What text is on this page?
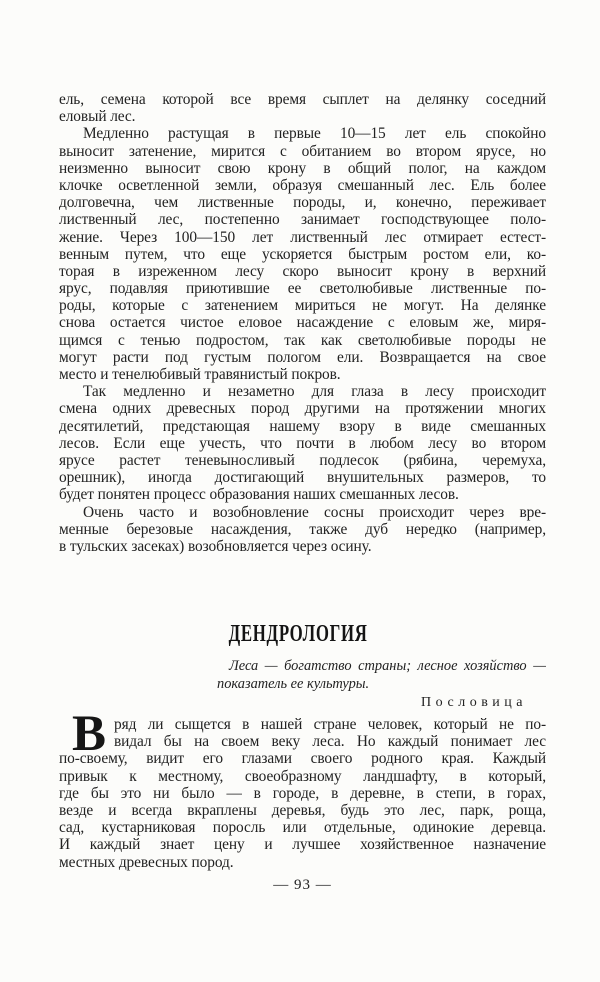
ель, семена которой все время сыплет на делянку соседний
еловый лес.
Медленно растущая в первые 10—15 лет ель спокойно
выносит затенение, мирится с обитанием во втором ярусе, но
неизменно выносит свою крону в общий полог, на каждом
клочке осветленной земли, образуя смешанный лес. Ель более
долговечна, чем лиственные породы, и, конечно, переживает
лиственный лес, постепенно занимает господствующее поло-
жение. Через 100—150 лет лиственный лес отмирает естест-
венным путем, что еще ускоряется быстрым ростом ели, ко-
торая в изреженном лесу скоро выносит крону в верхний
ярус, подавляя приютившие ее светолюбивые лиственные по-
роды, которые с затенением мириться не могут. На делянке
снова остается чистое еловое насаждение с еловым же, миря-
щимся с тенью подростом, так как светолюбивые породы не
могут расти под густым пологом ели. Возвращается на свое
место и тенелюбивый травянистый покров.
Так медленно и незаметно для глаза в лесу происходит
смена одних древесных пород другими на протяжении многих
десятилетий, предстающая нашему взору в виде смешанных
лесов. Если еще учесть, что почти в любом лесу во втором
ярусе растет теневыносливый подлесок (рябина, черемуха,
орешник), иногда достигающий внушительных размеров, то
будет понятен процесс образования наших смешанных лесов.
Очень часто и возобновление сосны происходит через вре-
менные березовые насаждения, также дуб нередко (например,
в тульских засеках) возобновляется через осину.
ДЕНДРОЛОГИЯ
Леса — богатство страны; лесное хозяйство —
показатель ее культуры.
Пословица
В ряд ли сыщется в нашей стране человек, который не по-
видал бы на своем веку леса. Но каждый понимает лес
по-своему, видит его глазами своего родного края. Каждый
привык к местному, своеобразному ландшафту, в который,
где бы это ни было — в городе, в деревне, в степи, в горах,
везде и всегда вкраплены деревья, будь это лес, парк, роща,
сад, кустарниковая поросль или отдельные, одинокие деревца.
И каждый знает цену и лучшее хозяйственное назначение
местных древесных пород.
— 93 —
